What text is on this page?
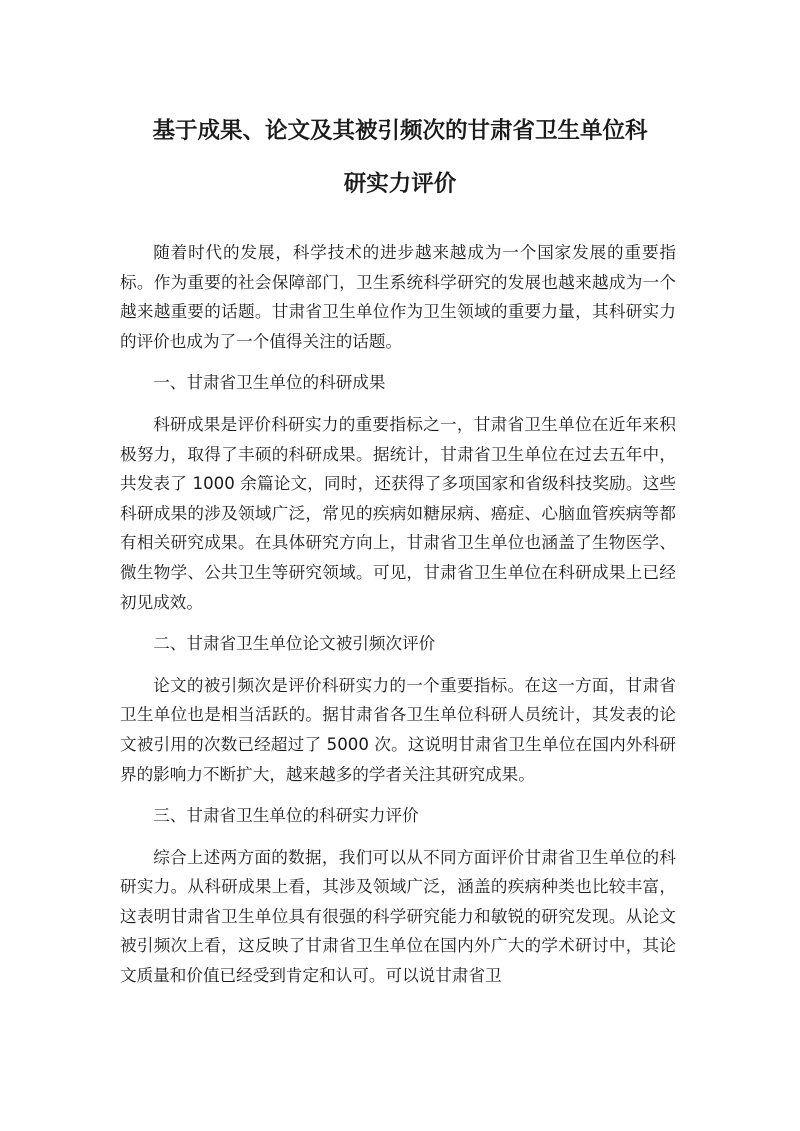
基于成果、论文及其被引频次的甘肃省卫生单位科
研实力评价

随着时代的发展，科学技术的进步越来越成为一个国家发展的重要指标。作为重要的社会保障部门，卫生系统科学研究的发展也越来越成为一个越来越重要的话题。甘肃省卫生单位作为卫生领域的重要力量，其科研实力的评价也成为了一个值得关注的话题。

一、甘肃省卫生单位的科研成果

科研成果是评价科研实力的重要指标之一，甘肃省卫生单位在近年来积极努力，取得了丰硕的科研成果。据统计，甘肃省卫生单位在过去五年中，共发表了 1000 余篇论文，同时，还获得了多项国家和省级科技奖励。这些科研成果的涉及领域广泛，常见的疾病如糖尿病、癌症、心脑血管疾病等都有相关研究成果。在具体研究方向上，甘肃省卫生单位也涵盖了生物医学、微生物学、公共卫生等研究领域。可见，甘肃省卫生单位在科研成果上已经初见成效。

二、甘肃省卫生单位论文被引频次评价

论文的被引频次是评价科研实力的一个重要指标。在这一方面，甘肃省卫生单位也是相当活跃的。据甘肃省各卫生单位科研人员统计，其发表的论文被引用的次数已经超过了 5000 次。这说明甘肃省卫生单位在国内外科研界的影响力不断扩大，越来越多的学者关注其研究成果。

三、甘肃省卫生单位的科研实力评价

综合上述两方面的数据，我们可以从不同方面评价甘肃省卫生单位的科研实力。从科研成果上看，其涉及领域广泛，涵盖的疾病种类也比较丰富，这表明甘肃省卫生单位具有很强的科学研究能力和敏锐的研究发现。从论文被引频次上看，这反映了甘肃省卫生单位在国内外广大的学术研讨中，其论文质量和价值已经受到肯定和认可。可以说甘肃省卫
